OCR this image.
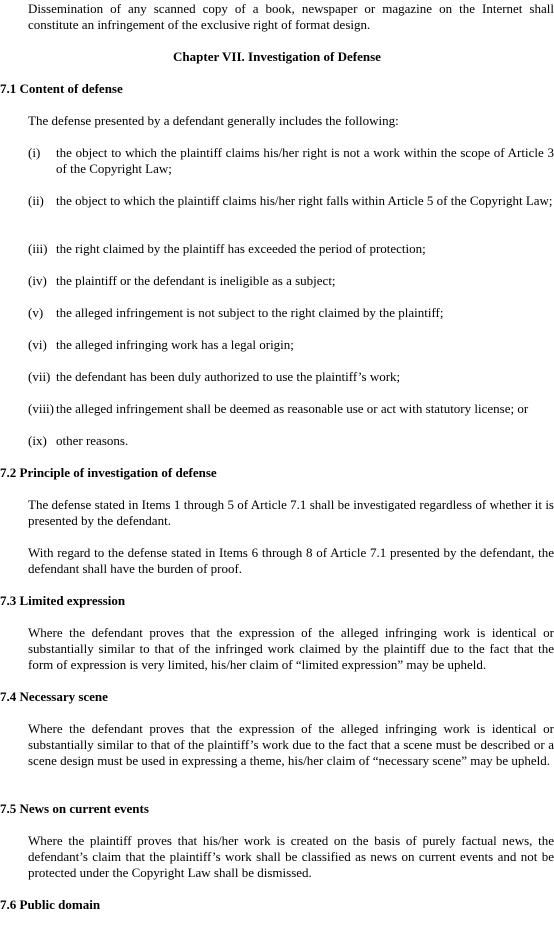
Dissemination of any scanned copy of a book, newspaper or magazine on the Internet shall constitute an infringement of the exclusive right of format design.

Chapter VII. Investigation of Defense

7.1 Content of defense

The defense presented by a defendant generally includes the following:

(i)	the object to which the plaintiff claims his/her right is not a work within the scope of Article 3 of the Copyright Law;
(ii) the object to which the plaintiff claims his/her right falls within Article 5 of the Copyright Law;
(iii) the right claimed by the plaintiff has exceeded the period of protection;
(iv) the plaintiff or the defendant is ineligible as a subject;
(v) the alleged infringement is not subject to the right claimed by the plaintiff;
(vi) the alleged infringing work has a legal origin;
(vii) the defendant has been duly authorized to use the plaintiff’s work;
(viii) the alleged infringement shall be deemed as reasonable use or act with statutory license; or
(ix) other reasons.

7.2 Principle of investigation of defense

The defense stated in Items 1 through 5 of Article 7.1 shall be investigated regardless of whether it is presented by the defendant.

With regard to the defense stated in Items 6 through 8 of Article 7.1 presented by the defendant, the defendant shall have the burden of proof.

7.3 Limited expression

Where the defendant proves that the expression of the alleged infringing work is identical or substantially similar to that of the infringed work claimed by the plaintiff due to the fact that the form of expression is very limited, his/her claim of “limited expression” may be upheld.

7.4 Necessary scene

Where the defendant proves that the expression of the alleged infringing work is identical or substantially similar to that of the plaintiff’s work due to the fact that a scene must be described or a scene design must be used in expressing a theme, his/her claim of “necessary scene” may be upheld.

7.5 News on current events

Where the plaintiff proves that his/her work is created on the basis of purely factual news, the defendant’s claim that the plaintiff’s work shall be classified as news on current events and not be protected under the Copyright Law shall be dismissed.

7.6 Public domain
